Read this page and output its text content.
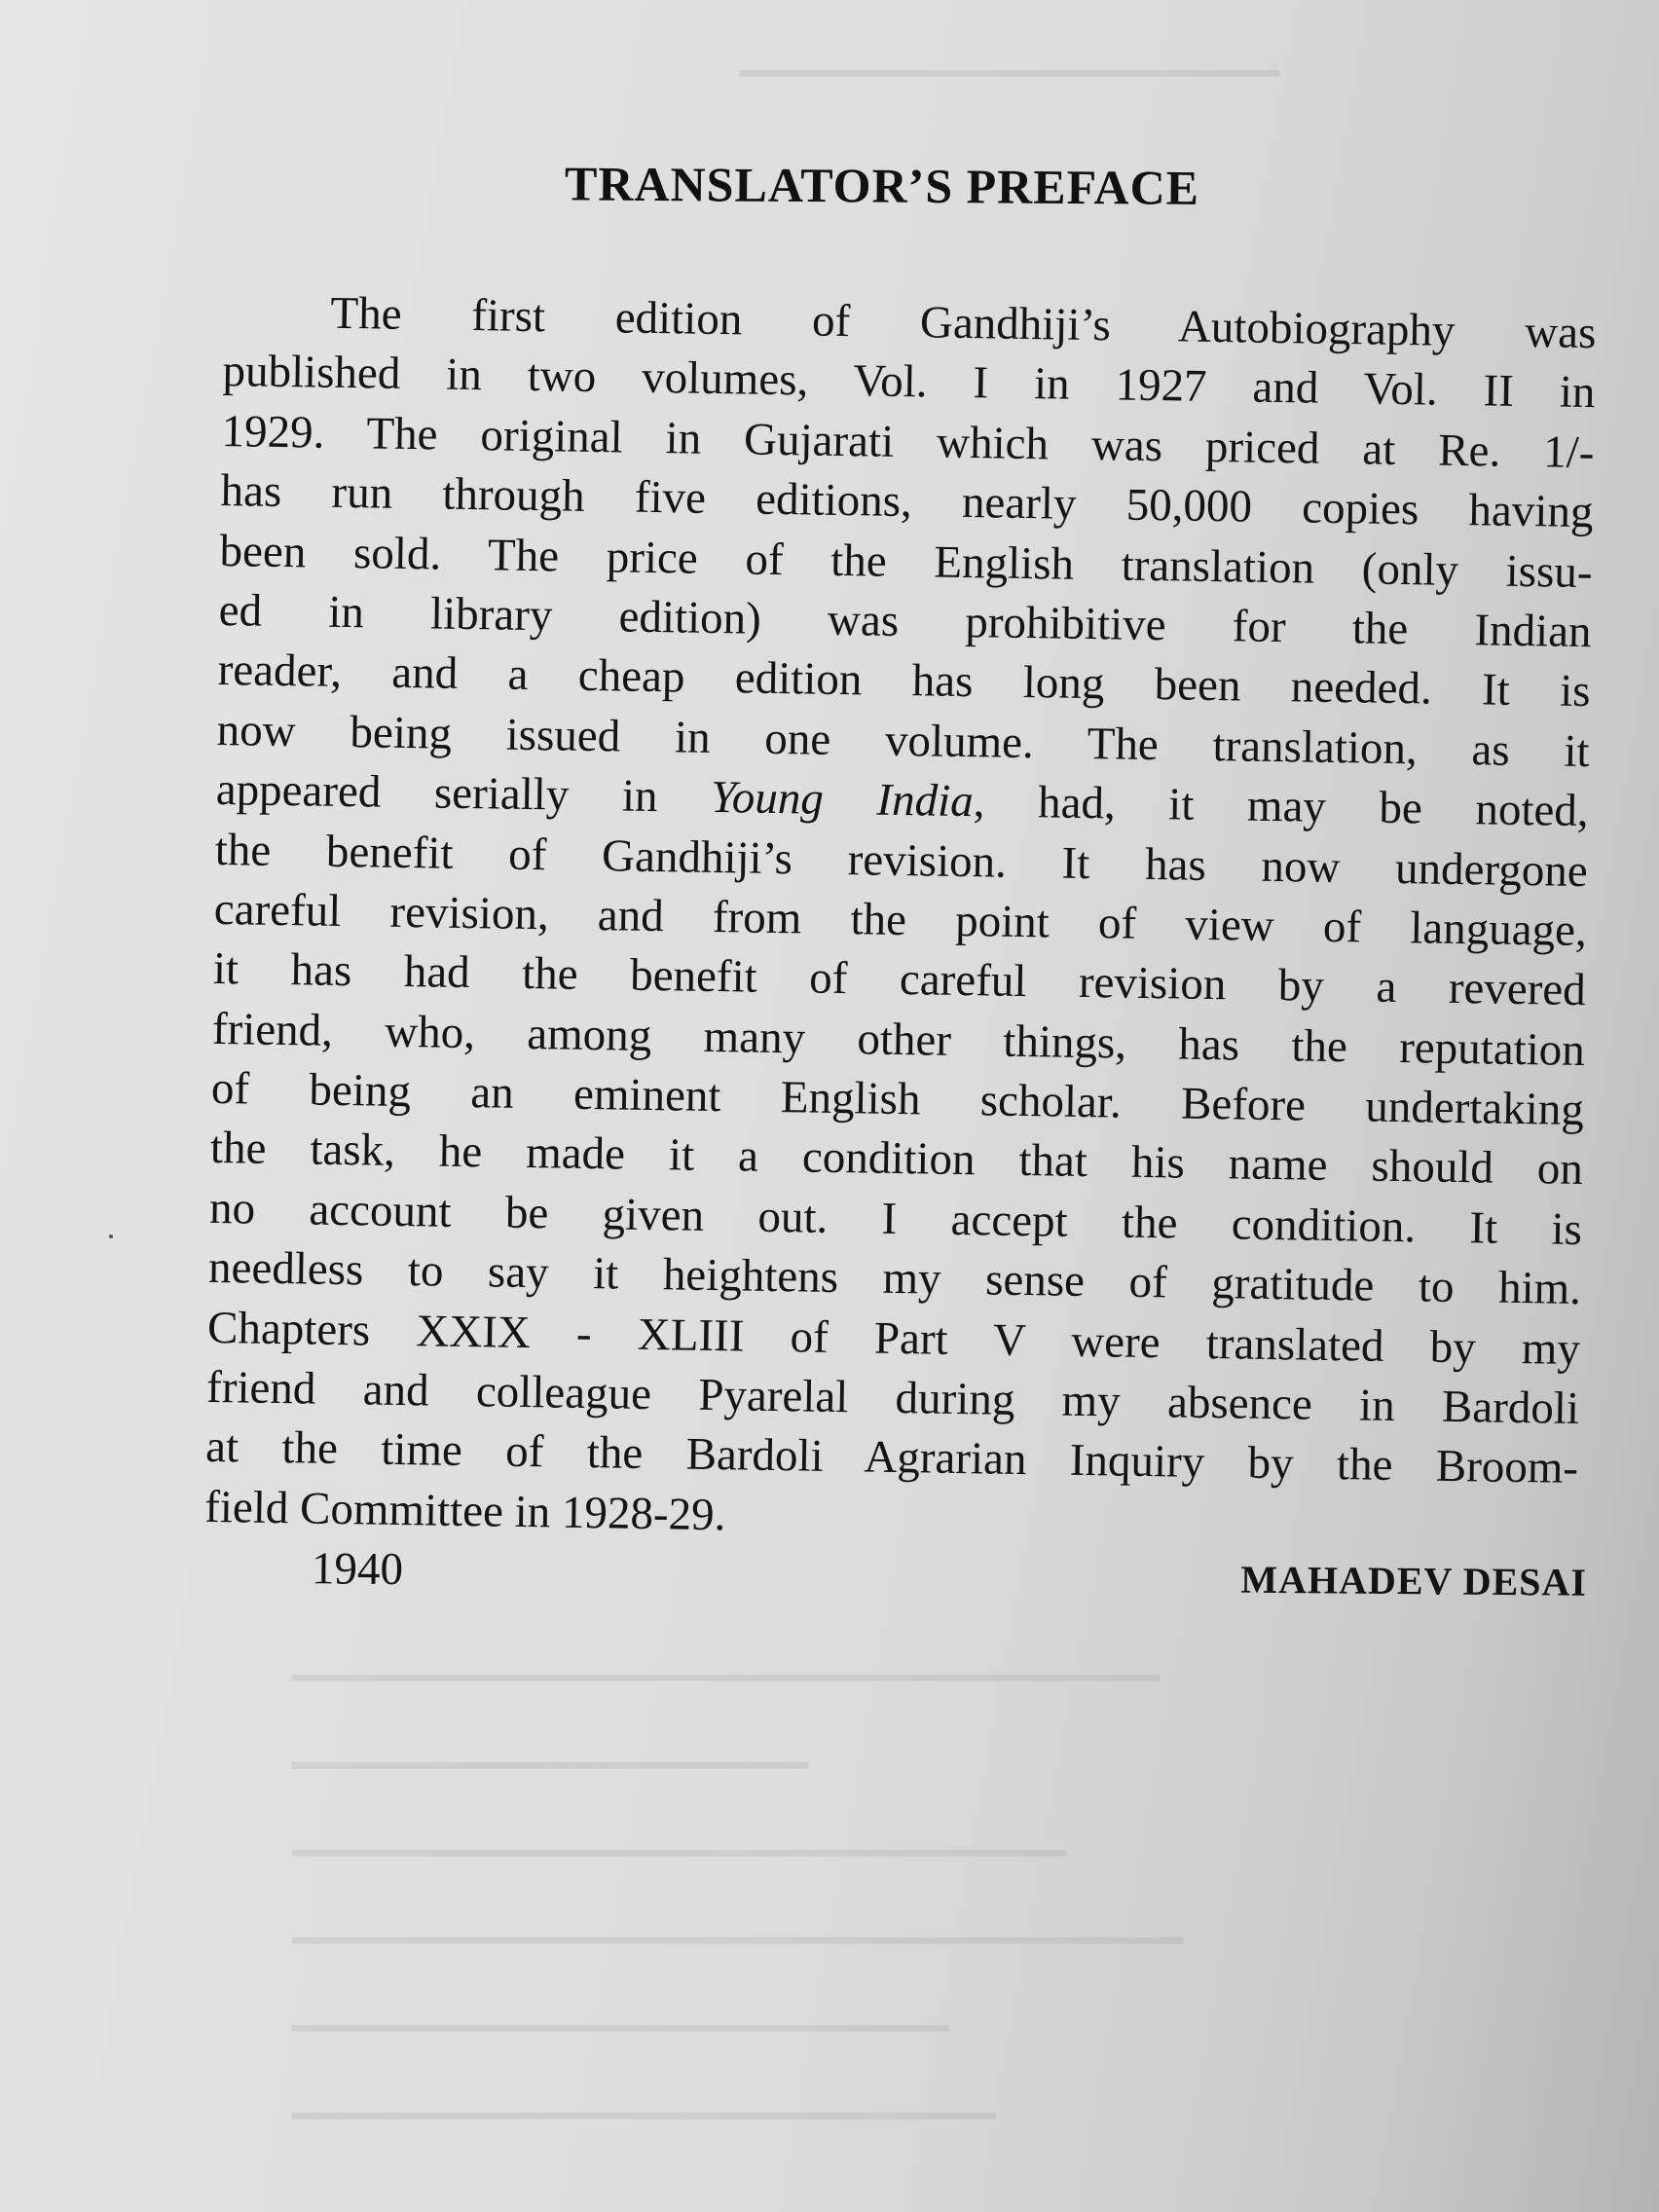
━━━━━━━━━━━━━━━━━━━━━━━
━━━━━━━━━━━━━━━━━━━━━━━━━━━━━━━━━━━━━
━━━━━━━━━━━━━━━━━━━━━━
━━━━━━━━━━━━━━━━━━━━━━━━━━━━━━━━━
━━━━━━━━━━━━━━━━━━━━━━━━━━━━━━━━━━━━━━
━━━━━━━━━━━━━━━━━━━━━━━━━━━━
━━━━━━━━━━━━━━━━━━━━━━━━━━━━━━
TRANSLATOR’S PREFACE
The first edition of Gandhiji’s Autobiography was
published in two volumes, Vol. I in 1927 and Vol. II in
1929. The original in Gujarati which was priced at Re. 1/-
has run through five editions, nearly 50,000 copies having
been sold. The price of the English translation (only issu-
ed in library edition) was prohibitive for the Indian
reader, and a cheap edition has long been needed. It is
now being issued in one volume. The translation, as it
appeared serially in Young India, had, it may be noted,
the benefit of Gandhiji’s revision. It has now undergone
careful revision, and from the point of view of language,
it has had the benefit of careful revision by a revered
friend, who, among many other things, has the reputation
of being an eminent English scholar. Before undertaking
the task, he made it a condition that his name should on
no account be given out. I accept the condition. It is
needless to say it heightens my sense of gratitude to him.
Chapters XXIX - XLIII of Part V were translated by my
friend and colleague Pyarelal during my absence in Bardoli
at the time of the Bardoli Agrarian Inquiry by the Broom-
field Committee in 1928-29.
1940	MAHADEV DESAI
